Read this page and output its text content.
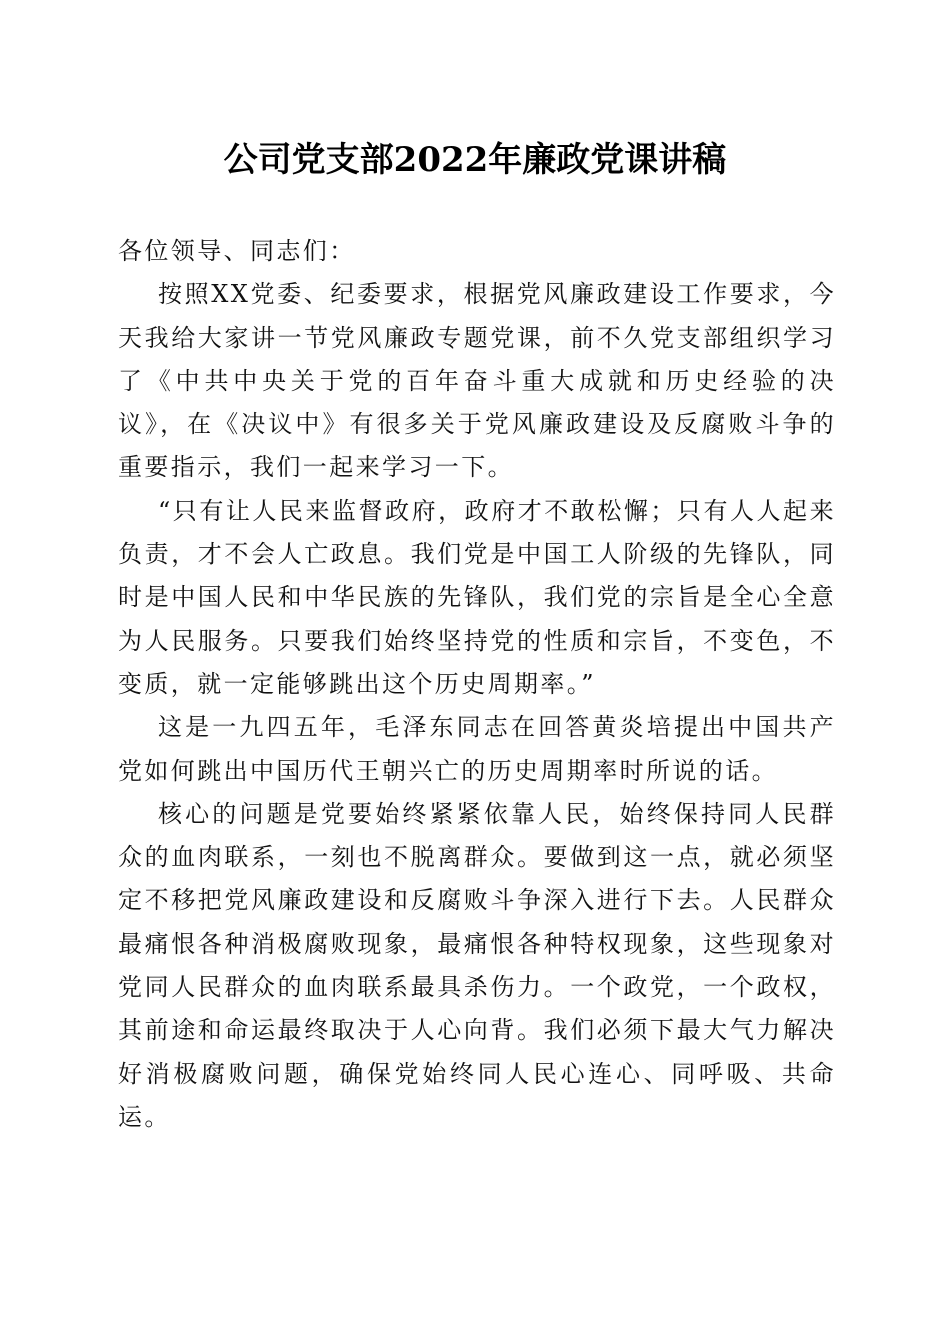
公司党支部2022年廉政党课讲稿

各位领导、同志们：

按照XX党委、纪委要求，根据党风廉政建设工作要求，今天我给大家讲一节党风廉政专题党课，前不久党支部组织学习了《中共中央关于党的百年奋斗重大成就和历史经验的决议》，在《决议中》有很多关于党风廉政建设及反腐败斗争的重要指示，我们一起来学习一下。

“只有让人民来监督政府，政府才不敢松懈；只有人人起来负责，才不会人亡政息。我们党是中国工人阶级的先锋队，同时是中国人民和中华民族的先锋队，我们党的宗旨是全心全意为人民服务。只要我们始终坚持党的性质和宗旨，不变色，不变质，就一定能够跳出这个历史周期率。”

这是一九四五年，毛泽东同志在回答黄炎培提出中国共产党如何跳出中国历代王朝兴亡的历史周期率时所说的话。

核心的问题是党要始终紧紧依靠人民，始终保持同人民群众的血肉联系，一刻也不脱离群众。要做到这一点，就必须坚定不移把党风廉政建设和反腐败斗争深入进行下去。人民群众最痛恨各种消极腐败现象，最痛恨各种特权现象，这些现象对党同人民群众的血肉联系最具杀伤力。一个政党，一个政权，其前途和命运最终取决于人心向背。我们必须下最大气力解决好消极腐败问题，确保党始终同人民心连心、同呼吸、共命运。
